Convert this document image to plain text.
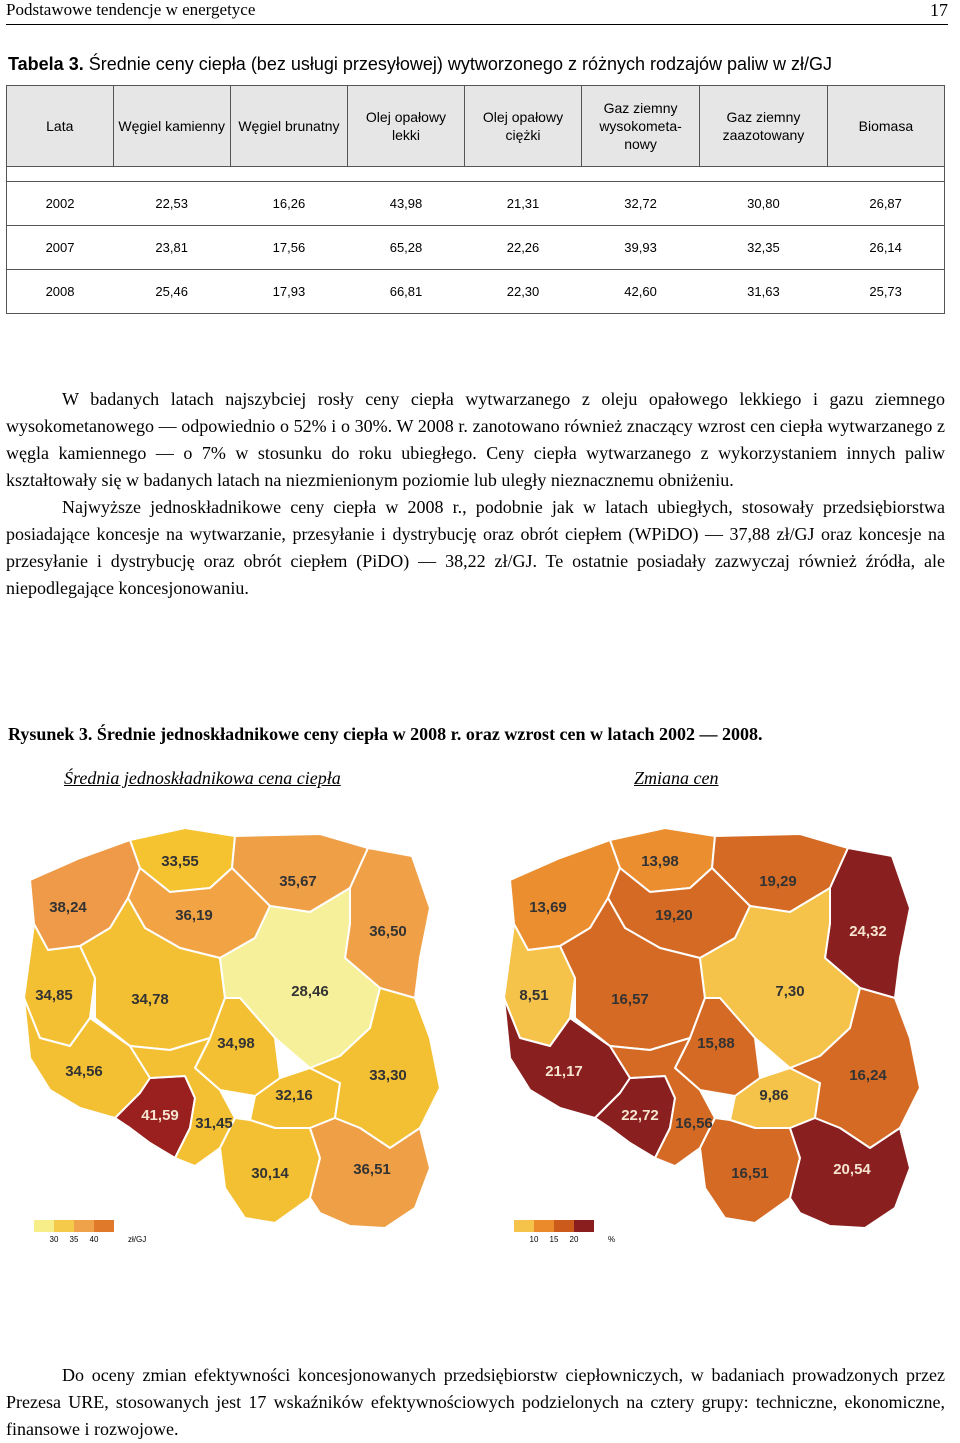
Podstawowe tendencje w energetyce	17
Tabela 3. Średnie ceny ciepła (bez usługi przesyłowej) wytworzonego z różnych rodzajów paliw w zł/GJ
Lata	Węgiel kamienny	Węgiel brunatny	Olej opałowy lekki	Olej opałowy ciężki	Gaz ziemny wysokometa-nowy	Gaz ziemny zaazotowany	Biomasa

2002	22,53	16,26	43,98	21,31	32,72	30,80	26,87
2007	23,81	17,56	65,28	22,26	39,93	32,35	26,14
2008	25,46	17,93	66,81	22,30	42,60	31,63	25,73

W badanych latach najszybciej rosły ceny ciepła wytwarzanego z oleju opałowego lekkiego i gazu ziemnego wysokometanowego — odpowiednio o 52% i o 30%. W 2008 r. zanotowano również znaczący wzrost cen ciepła wytwarzanego z węgla kamiennego — o 7% w stosunku do roku ubiegłego. Ceny ciepła wytwarzanego z wykorzystaniem innych paliw kształtowały się w badanych latach na niezmienionym poziomie lub uległy nieznacznemu obniżeniu.

Najwyższe jednoskładnikowe ceny ciepła w 2008 r., podobnie jak w latach ubiegłych, stosowały przedsiębiorstwa posiadające koncesje na wytwarzanie, przesyłanie i dystrybucję oraz obrót ciepłem (WPiDO) — 37,88 zł/GJ oraz koncesje na przesyłanie i dystrybucję oraz obrót ciepłem (PiDO) — 38,22 zł/GJ. Te ostatnie posiadały zazwyczaj również źródła, ale niepodlegające koncesjonowaniu.

Rysunek 3. Średnie jednoskładnikowe ceny ciepła w 2008 r. oraz wzrost cen w latach 2002 — 2008.
Średnia jednoskładnikowa cena ciepła	Zmiana cen
33,55
38,24
35,67
36,19
36,50
34,85	34,78	28,46
34,98
34,56
41,59 31,45
32,16
33,30
30,14	36,51
30 35 40	zł/GJ
13,98
13,69
19,29
19,20
24,32
8,51	16,57	7,30
15,88
21,17
22,72 16,56
9,86
16,24
16,51	20,54
10 15 20	%

Do oceny zmian efektywności koncesjonowanych przedsiębiorstw ciepłowniczych, w badaniach prowadzonych przez Prezesa URE, stosowanych jest 17 wskaźników efektywnościowych podzielonych na cztery grupy: techniczne, ekonomiczne, finansowe i rozwojowe.
